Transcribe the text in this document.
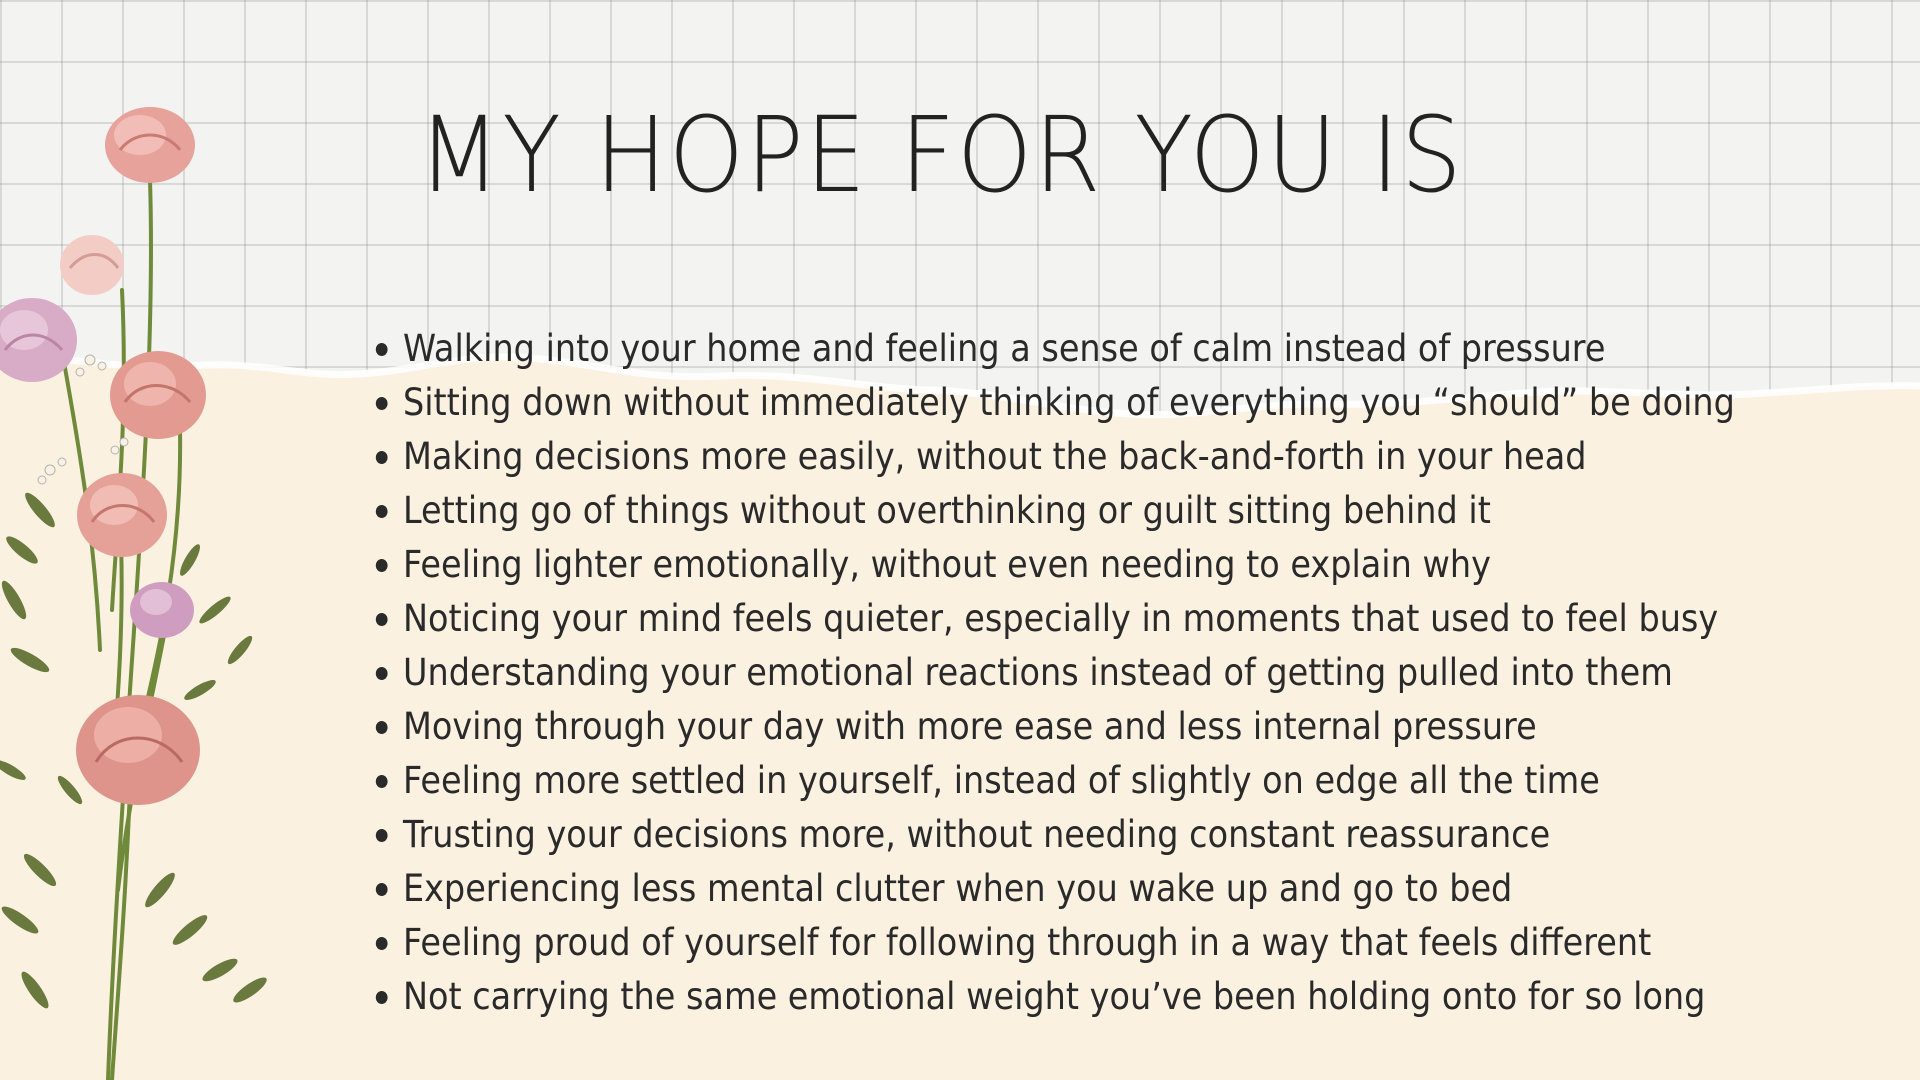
MY HOPE FOR YOU IS
Walking into your home and feeling a sense of calm instead of pressure
Sitting down without immediately thinking of everything you “should” be doing
Making decisions more easily, without the back-and-forth in your head
Letting go of things without overthinking or guilt sitting behind it
Feeling lighter emotionally, without even needing to explain why
Noticing your mind feels quieter, especially in moments that used to feel busy
Understanding your emotional reactions instead of getting pulled into them
Moving through your day with more ease and less internal pressure
Feeling more settled in yourself, instead of slightly on edge all the time
Trusting your decisions more, without needing constant reassurance
Experiencing less mental clutter when you wake up and go to bed
Feeling proud of yourself for following through in a way that feels different
Not carrying the same emotional weight you’ve been holding onto for so long
